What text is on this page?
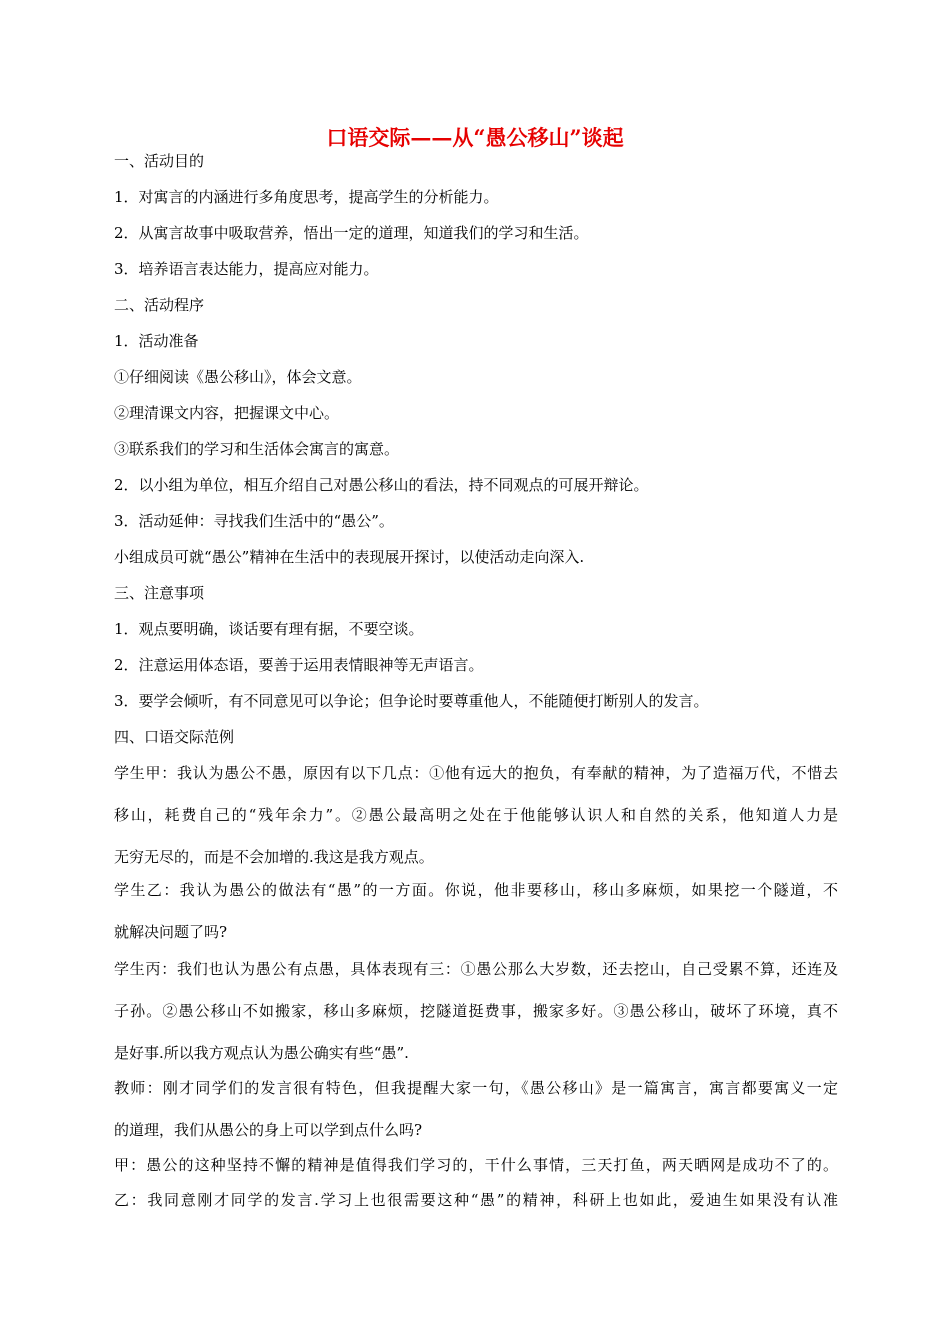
口语交际——从“愚公移山”谈起
一、活动目的
1．对寓言的内涵进行多角度思考，提高学生的分析能力。
2．从寓言故事中吸取营养，悟出一定的道理，知道我们的学习和生活。
3．培养语言表达能力，提高应对能力。
二、活动程序
1．活动准备
①仔细阅读《愚公移山》，体会文意。
②理清课文内容，把握课文中心。
③联系我们的学习和生活体会寓言的寓意。
2．以小组为单位，相互介绍自己对愚公移山的看法，持不同观点的可展开辩论。
3．活动延伸：寻找我们生活中的“愚公”。
小组成员可就“愚公”精神在生活中的表现展开探讨，以使活动走向深入.
三、注意事项
1．观点要明确，谈话要有理有据，不要空谈。
2．注意运用体态语，要善于运用表情眼神等无声语言。
3．要学会倾听，有不同意见可以争论；但争论时要尊重他人，不能随便打断别人的发言。
四、口语交际范例
学生甲：我认为愚公不愚，原因有以下几点：①他有远大的抱负，有奉献的精神，为了造福万代，不惜去
移山，耗费自己的“残年余力”。②愚公最高明之处在于他能够认识人和自然的关系，他知道人力是
无穷无尽的，而是不会加增的.我这是我方观点。
学生乙：我认为愚公的做法有“愚”的一方面。你说，他非要移山，移山多麻烦，如果挖一个隧道，不
就解决问题了吗?
学生丙：我们也认为愚公有点愚，具体表现有三：①愚公那么大岁数，还去挖山，自己受累不算，还连及
子孙。②愚公移山不如搬家，移山多麻烦，挖隧道挺费事，搬家多好。③愚公移山，破坏了环境，真不
是好事.所以我方观点认为愚公确实有些“愚”.
教师：刚才同学们的发言很有特色，但我提醒大家一句，《愚公移山》是一篇寓言，寓言都要寓义一定
的道理，我们从愚公的身上可以学到点什么吗?
甲：愚公的这种坚持不懈的精神是值得我们学习的，干什么事情，三天打鱼，两天晒网是成功不了的。
乙：我同意刚才同学的发言.学习上也很需要这种“愚”的精神，科研上也如此，爱迪生如果没有认准
